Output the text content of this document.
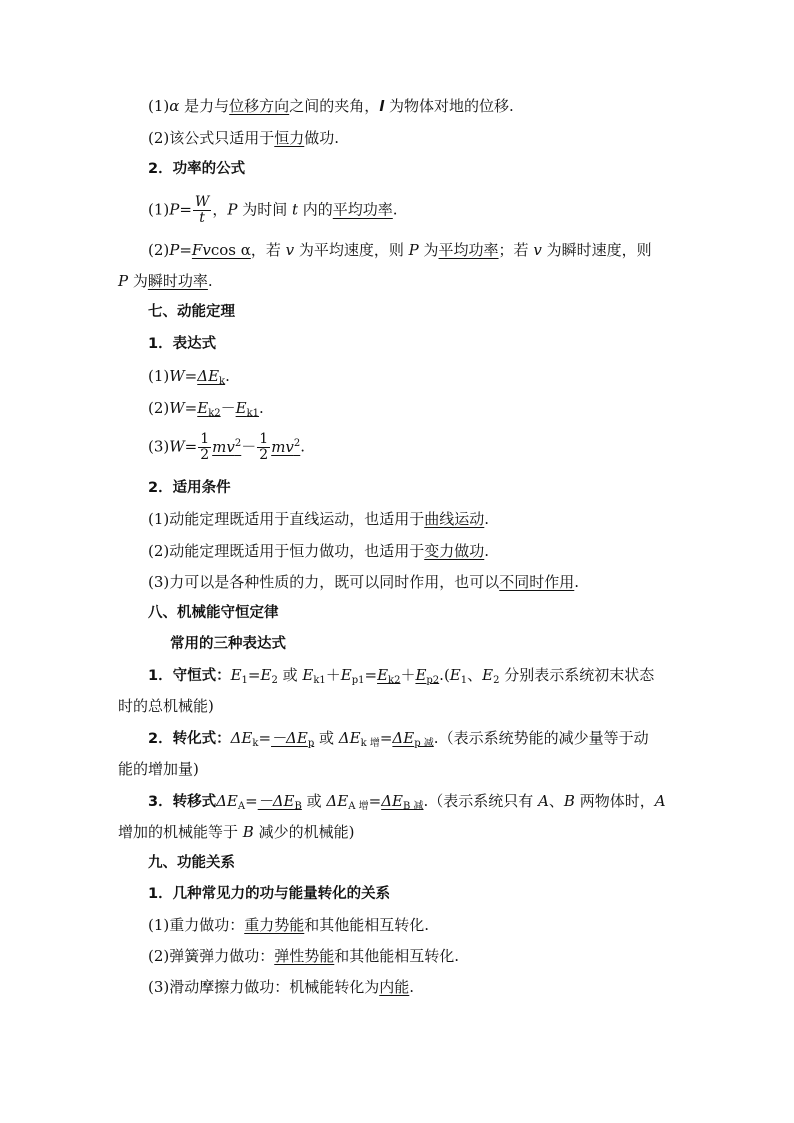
(1)α 是力与位移方向之间的夹角，l 为物体对地的位移.
(2)该公式只适用于恒力做功.
2．功率的公式
$(1)P= \frac{W}{t}$ ，P 为时间 t 内的平均功率.
(2)P=Fvcos α，若 v 为平均速度，则 P 为平均功率；若 v 为瞬时速度，则
P 为瞬时功率.
七、动能定理
1．表达式
$(1)W=\Delta E_k$.
$(2)W=E_{k2}-E_{k1}$.
$(3)W= \frac{1}{2} mv^2- \frac{1}{2} mv^2$.
2．适用条件
(1)动能定理既适用于直线运动，也适用于曲线运动.
(2)动能定理既适用于恒力做功，也适用于变力做功.
(3)力可以是各种性质的力，既可以同时作用，也可以不同时作用.
八、机械能守恒定律
常用的三种表达式
1．守恒式：$E_1=E_2$ 或 $E_{k1}+E_{p1}=E_{k2}+E_{p2}.(E_1$、$E_2$ 分别表示系统初末状态
时的总机械能)
2．转化式：$\Delta E_k=-\Delta E_p$ 或 $\Delta E_{k 增}=\Delta E_{p 减}$.（表示系统势能的减少量等于动
能的增加量)
3．转移式$\Delta E_A=-\Delta E_B$ 或 $\Delta E_{A 增}=\Delta E_{B 减}$.（表示系统只有 A、B 两物体时，A
增加的机械能等于 B 减少的机械能)
九、功能关系
1．几种常见力的功与能量转化的关系
(1)重力做功：重力势能和其他能相互转化.
(2)弹簧弹力做功：弹性势能和其他能相互转化.
(3)滑动摩擦力做功：机械能转化为内能.
